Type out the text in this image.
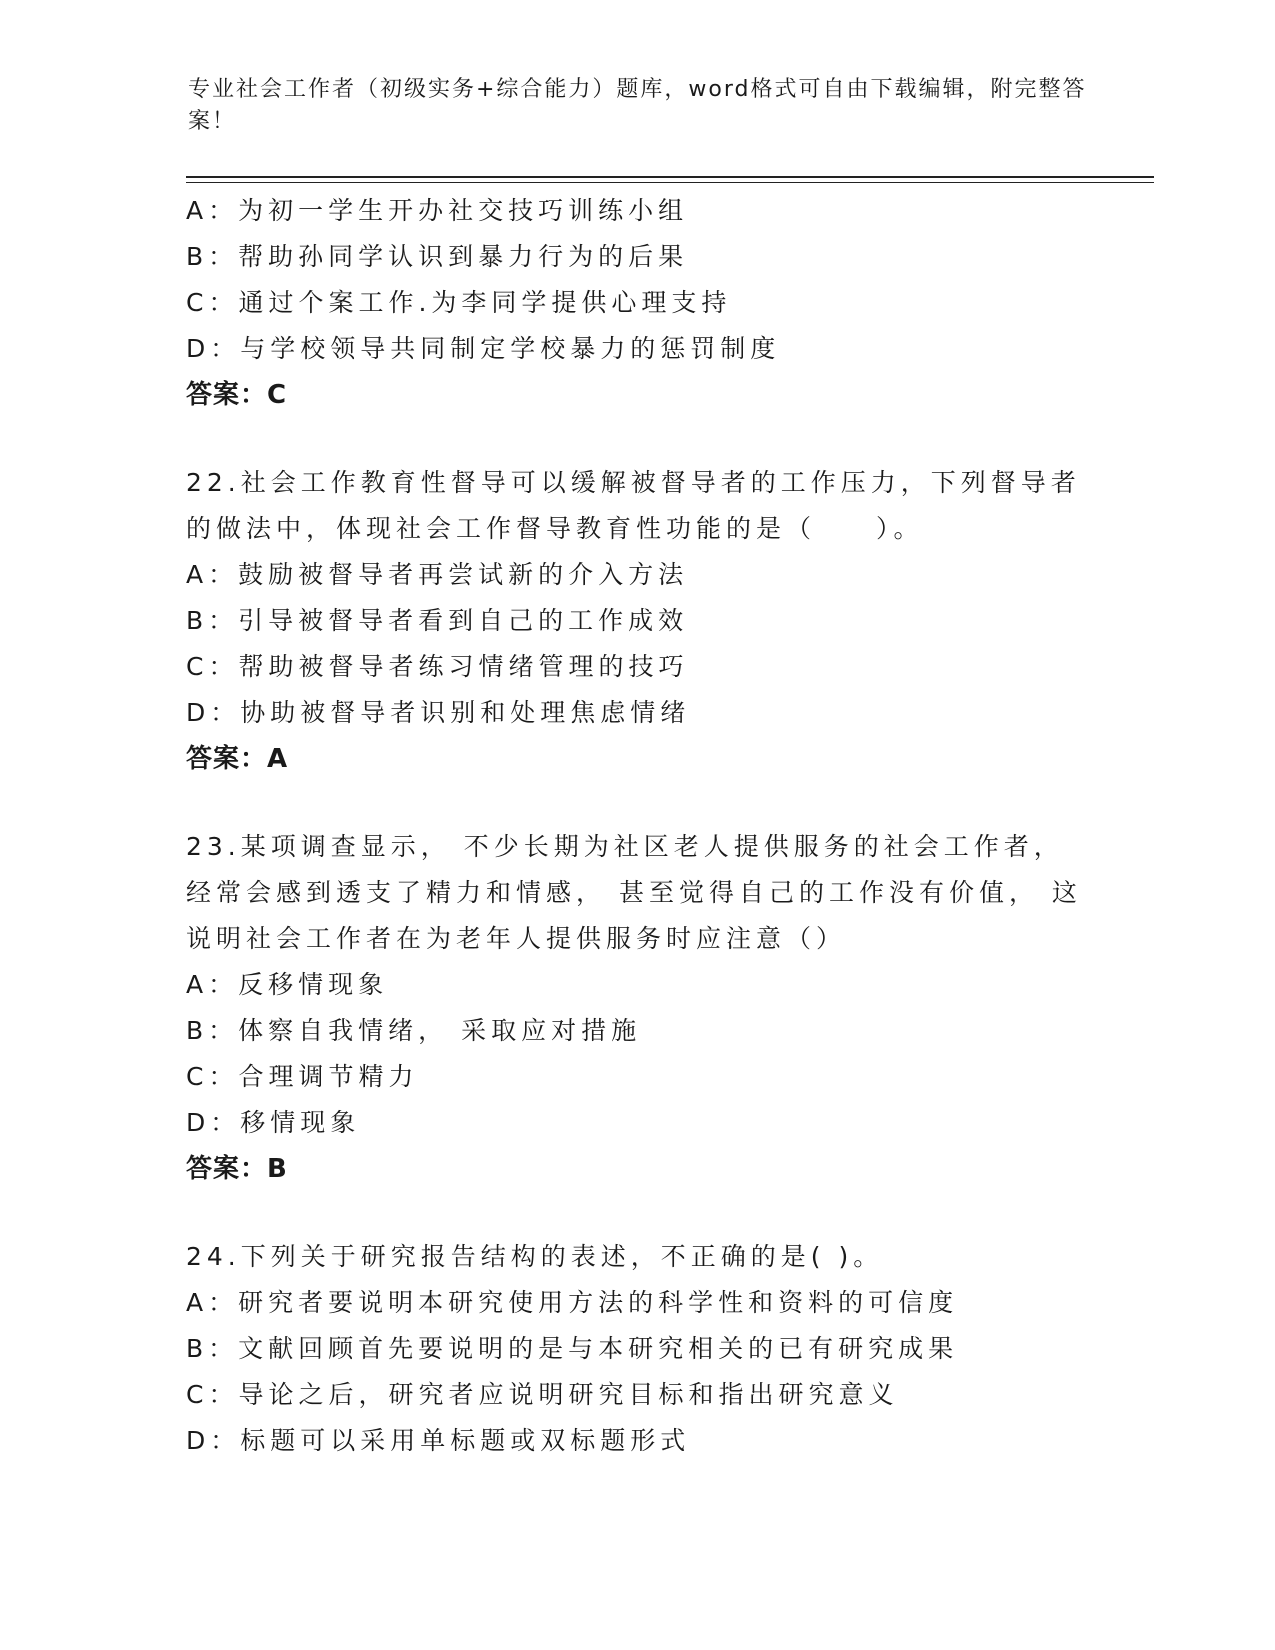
专业社会工作者（初级实务+综合能力）题库，word格式可自由下载编辑，附完整答案！
A：为初一学生开办社交技巧训练小组
B：帮助孙同学认识到暴力行为的后果
C：通过个案工作.为李同学提供心理支持
D：与学校领导共同制定学校暴力的惩罚制度
答案：C
22.社会工作教育性督导可以缓解被督导者的工作压力，下列督导者的做法中，体现社会工作督导教育性功能的是（　　）。
A：鼓励被督导者再尝试新的介入方法
B：引导被督导者看到自己的工作成效
C：帮助被督导者练习情绪管理的技巧
D：协助被督导者识别和处理焦虑情绪
答案：A
23.某项调查显示， 不少长期为社区老人提供服务的社会工作者， 经常会感到透支了精力和情感， 甚至觉得自己的工作没有价值， 这说明社会工作者在为老年人提供服务时应注意（）
A：反移情现象
B：体察自我情绪， 采取应对措施
C：合理调节精力
D：移情现象
答案：B
24.下列关于研究报告结构的表述，不正确的是( )。
A：研究者要说明本研究使用方法的科学性和资料的可信度
B：文献回顾首先要说明的是与本研究相关的已有研究成果
C：导论之后，研究者应说明研究目标和指出研究意义
D：标题可以采用单标题或双标题形式
